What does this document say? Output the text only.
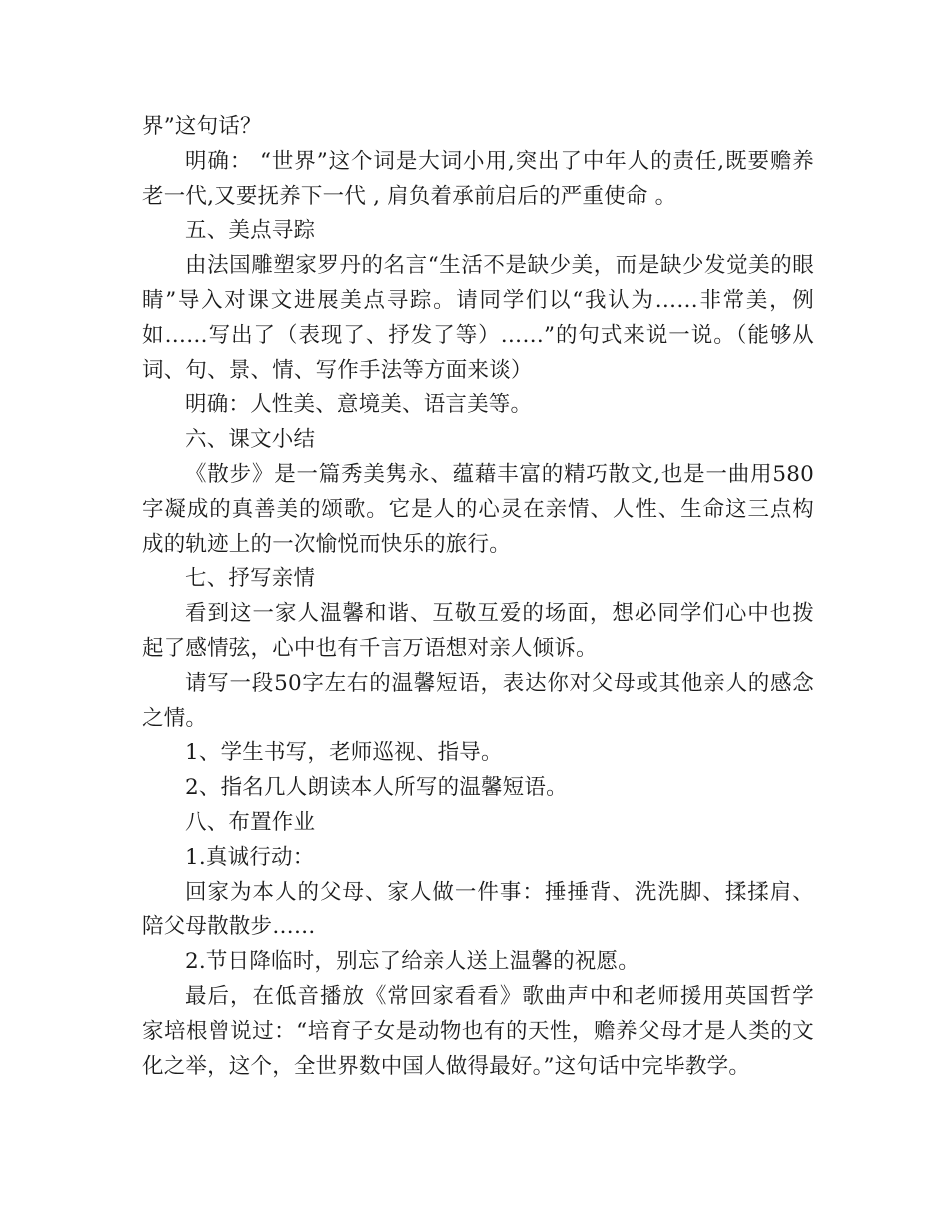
界”这句话？

明确： “世界”这个词是大词小用,突出了中年人的责任,既要赡养老一代,又要抚养下一代 , 肩负着承前启后的严重使命 。

五、美点寻踪

由法国雕塑家罗丹的名言“生活不是缺少美，而是缺少发觉美的眼睛”导入对课文进展美点寻踪。请同学们以“我认为……非常美，例如……写出了（表现了、抒发了等）……”的句式来说一说。（能够从词、句、景、情、写作手法等方面来谈）

明确：人性美、意境美、语言美等。

六、课文小结

《散步》是一篇秀美隽永、蕴藉丰富的精巧散文,也是一曲用580字凝成的真善美的颂歌。它是人的心灵在亲情、人性、生命这三点构成的轨迹上的一次愉悦而快乐的旅行。

七、抒写亲情

看到这一家人温馨和谐、互敬互爱的场面，想必同学们心中也拨起了感情弦，心中也有千言万语想对亲人倾诉。

请写一段50字左右的温馨短语，表达你对父母或其他亲人的感念之情。

1、学生书写，老师巡视、指导。

2、指名几人朗读本人所写的温馨短语。

八、布置作业

1.真诚行动：

回家为本人的父母、家人做一件事：捶捶背、洗洗脚、揉揉肩、陪父母散散步……

2.节日降临时，别忘了给亲人送上温馨的祝愿。

最后，在低音播放《常回家看看》歌曲声中和老师援用英国哲学家培根曾说过：“培育子女是动物也有的天性，赡养父母才是人类的文化之举，这个，全世界数中国人做得最好。”这句话中完毕教学。
